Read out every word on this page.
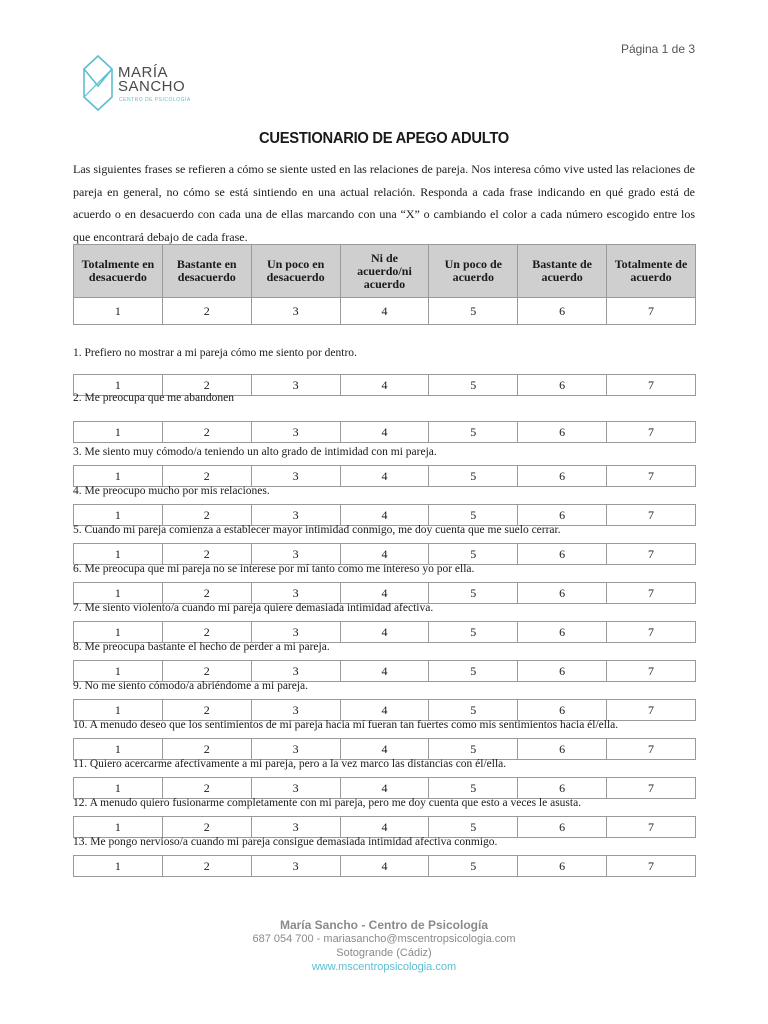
Página 1 de 3
MARÍA
SANCHO
CENTRO DE PSICOLOGÍA
CUESTIONARIO DE APEGO ADULTO
Las siguientes frases se refieren a cómo se siente usted en las relaciones de pareja. Nos interesa cómo vive usted las relaciones de pareja en general, no cómo se está sintiendo en una actual relación. Responda a cada frase indicando en qué grado está de acuerdo o en desacuerdo con cada una de ellas marcando con una “X” o cambiando el color a cada número escogido entre los que encontrará debajo de cada frase.
Totalmente en desacuerdo	Bastante en desacuerdo	Un poco en desacuerdo	Ni de acuerdo/ni acuerdo	Un poco de acuerdo	Bastante de acuerdo	Totalmente de acuerdo
1	2	3	4	5	6	7
1. Prefiero no mostrar a mi pareja cómo me siento por dentro.
1	2	3	4	5	6	7
2. Me preocupa que me abandonen
1	2	3	4	5	6	7
3. Me siento muy cómodo/a teniendo un alto grado de intimidad con mi pareja.
1	2	3	4	5	6	7
4. Me preocupo mucho por mis relaciones.
1	2	3	4	5	6	7
5. Cuando mi pareja comienza a establecer mayor intimidad conmigo, me doy cuenta que me suelo cerrar.
1	2	3	4	5	6	7
6. Me preocupa que mi pareja no se interese por mí tanto como me intereso yo por ella.
1	2	3	4	5	6	7
7. Me siento violento/a cuando mi pareja quiere demasiada intimidad afectiva.
1	2	3	4	5	6	7
8. Me preocupa bastante el hecho de perder a mi pareja.
1	2	3	4	5	6	7
9. No me siento cómodo/a abriéndome a mi pareja.
1	2	3	4	5	6	7
10. A menudo deseo que los sentimientos de mi pareja hacia mí fueran tan fuertes como mis sentimientos hacia él/ella.
1	2	3	4	5	6	7
11. Quiero acercarme afectivamente a mi pareja, pero a la vez marco las distancias con él/ella.
1	2	3	4	5	6	7
12. A menudo quiero fusionarme completamente con mi pareja, pero me doy cuenta que esto a veces le asusta.
1	2	3	4	5	6	7
13. Me pongo nervioso/a cuando mi pareja consigue demasiada intimidad afectiva conmigo.
1	2	3	4	5	6	7
María Sancho - Centro de Psicología
687 054 700 - mariasancho@mscentropsicologia.com
Sotogrande (Cádiz)
www.mscentropsicologia.com
